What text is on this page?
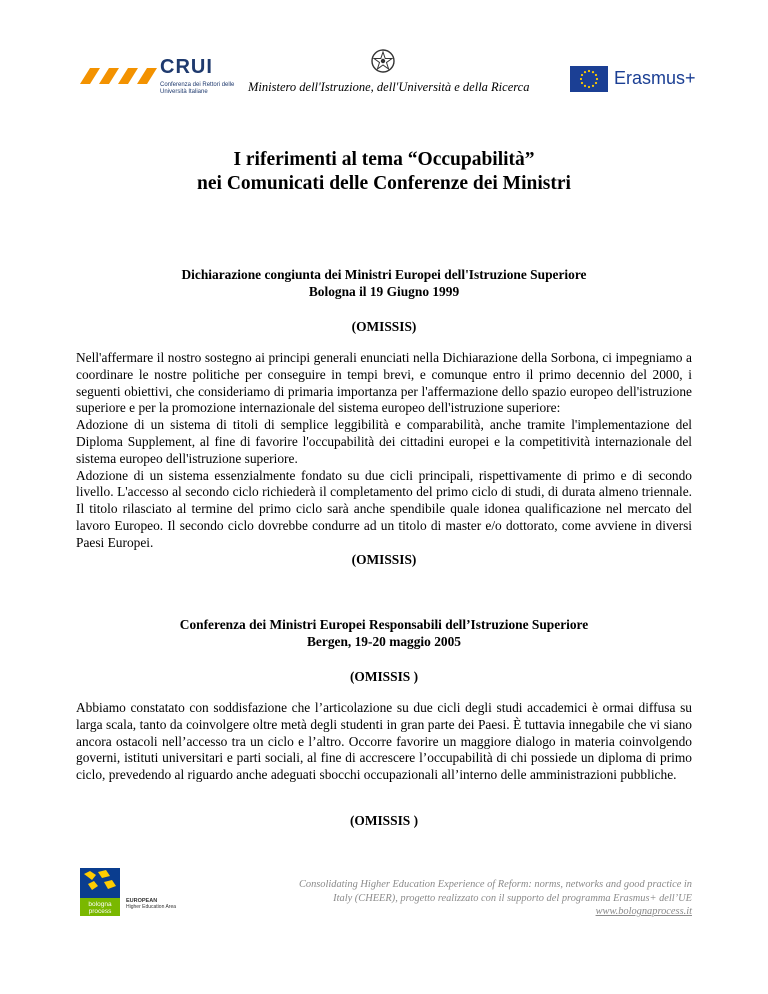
CRUI
Conferenza dei Rettori delle Università Italiane	Ministero dell'Istruzione, dell'Università e della Ricerca	Erasmus+
I riferimenti al tema “Occupabilità”
nei Comunicati delle Conferenze dei Ministri
Dichiarazione congiunta dei Ministri Europei dell'Istruzione Superiore
Bologna il 19 Giugno 1999
(OMISSIS)

Nell'affermare il nostro sostegno ai principi generali enunciati nella Dichiarazione della Sorbona, ci impegniamo a coordinare le nostre politiche per conseguire in tempi brevi, e comunque entro il primo decennio del 2000, i seguenti obiettivi, che consideriamo di primaria importanza per l'affermazione dello spazio europeo dell'istruzione superiore e per la promozione internazionale del sistema europeo dell'istruzione superiore:

Adozione di un sistema di titoli di semplice leggibilità e comparabilità, anche tramite l'implementazione del Diploma Supplement, al fine di favorire l'occupabilità dei cittadini europei e la competitività internazionale del sistema europeo dell'istruzione superiore.

Adozione di un sistema essenzialmente fondato su due cicli principali, rispettivamente di primo e di secondo livello. L'accesso al secondo ciclo richiederà il completamento del primo ciclo di studi, di durata almeno triennale. Il titolo rilasciato al termine del primo ciclo sarà anche spendibile quale idonea qualificazione nel mercato del lavoro Europeo. Il secondo ciclo dovrebbe condurre ad un titolo di master e/o dottorato, come avviene in diversi Paesi Europei.

(OMISSIS)
Conferenza dei Ministri Europei Responsabili dell’Istruzione Superiore
Bergen, 19-20 maggio 2005
(OMISSIS )

Abbiamo constatato con soddisfazione che l’articolazione su due cicli degli studi accademici è ormai diffusa su larga scala, tanto da coinvolgere oltre metà degli studenti in gran parte dei Paesi. È tuttavia innegabile che vi siano ancora ostacoli nell’accesso tra un ciclo e l’altro. Occorre favorire un maggiore dialogo in materia coinvolgendo governi, istituti universitari e parti sociali, al fine di accrescere l’occupabilità di chi possiede un diploma di primo ciclo, prevedendo al riguardo anche adeguati sbocchi occupazionali all’interno delle amministrazioni pubbliche.

(OMISSIS )
bologna
process
EUROPEAN
Higher Education Area
Consolidating Higher Education Experience of Reform: norms, networks and good practice in
Italy (CHEER), progetto realizzato con il supporto del programma Erasmus+ dell’UE
www.bolognaprocess.it
